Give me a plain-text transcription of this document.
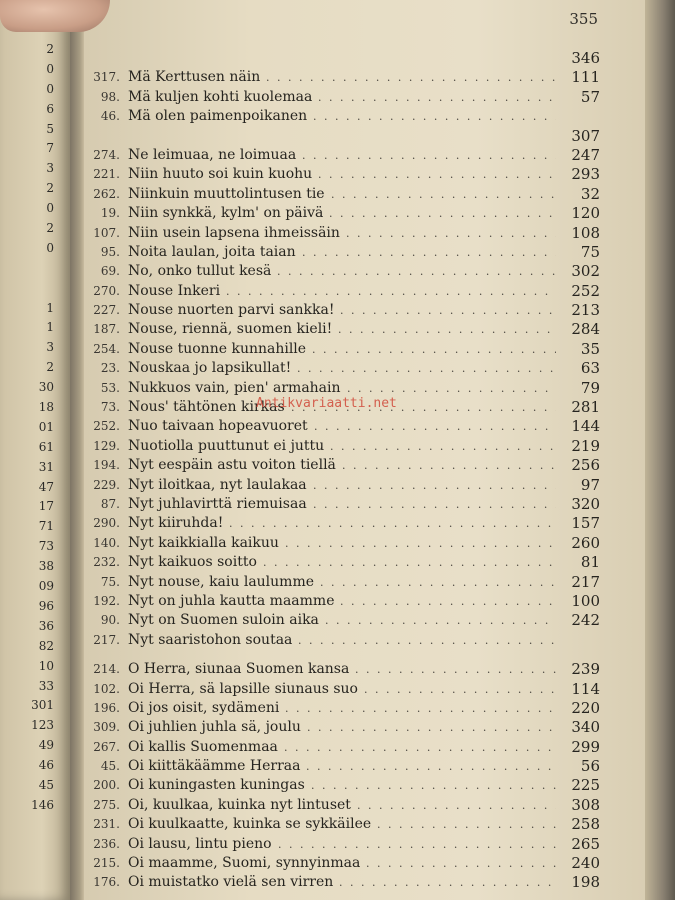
2
0
0
6
5
7
3
2
0
2
0
1
1
3
2
30
18
01
61
31
47
17
71
73
38
09
96
36
82
10
33
301
123
49
46
45
146
355
346
. . .
317. Mä Kerttusen näin	111
. . .
98. Mä kuljen kohti kuolemaa	57
. . .
46. Mä olen paimenpoikanen
307
. . .
274. Ne leimuaa, ne loimuaa	247
. . .
221. Niin huuto soi kuin kuohu	293
. . .
262. Niinkuin muuttolintusen tie	32
. . .
19. Niin synkkä, kylm' on päivä	120
. . .
107. Niin usein lapsena ihmeissäin	108
. . .
95. Noita laulan, joita taian	75
. . .
69. No, onko tullut kesä	302
. . .
270. Nouse Inkeri	252
. . .
227. Nouse nuorten parvi sankka!	213
. . .
187. Nouse, riennä, suomen kieli!	284
. . .
254. Nouse tuonne kunnahille	35
. . .
23. Nouskaa jo lapsikullat!	63
. . .
53. Nukkuos vain, pien' armahain	79
. . .
73. Nous' tähtönen kirkas	281
. . .
252. Nuo taivaan hopeavuoret	144
. . .
129. Nuotiolla puuttunut ei juttu	219
. . .
194. Nyt eespäin astu voiton tiellä	256
. . .
229. Nyt iloitkaa, nyt laulakaa	97
. . .
87. Nyt juhlavirttä riemuisaa	320
. . .
290. Nyt kiiruhda!	157
. . .
140. Nyt kaikkialla kaikuu	260
. . .
232. Nyt kaikuos soitto	81
. . .
75. Nyt nouse, kaiu laulumme	217
. . .
192. Nyt on juhla kautta maamme	100
. . .
90. Nyt on Suomen suloin aika	242
. . .
217. Nyt saaristohon soutaa
. . .
214. O Herra, siunaa Suomen kansa	239
. . .
102. Oi Herra, sä lapsille siunaus suo	114
. . .
196. Oi jos oisit, sydämeni	220
. . .
309. Oi juhlien juhla sä, joulu	340
. . .
267. Oi kallis Suomenmaa	299
. . .
45. Oi kiittäkäämme Herraa	56
. . .
200. Oi kuningasten kuningas	225
. . .
275. Oi, kuulkaa, kuinka nyt lintuset	308
. . .
231. Oi kuulkaatte, kuinka se sykkäilee	258
. . .
236. Oi lausu, lintu pieno	265
. . .
215. Oi maamme, Suomi, synnyinmaa	240
. . .
176. Oi muistatko vielä sen virren	198
Antikvariaatti.net
